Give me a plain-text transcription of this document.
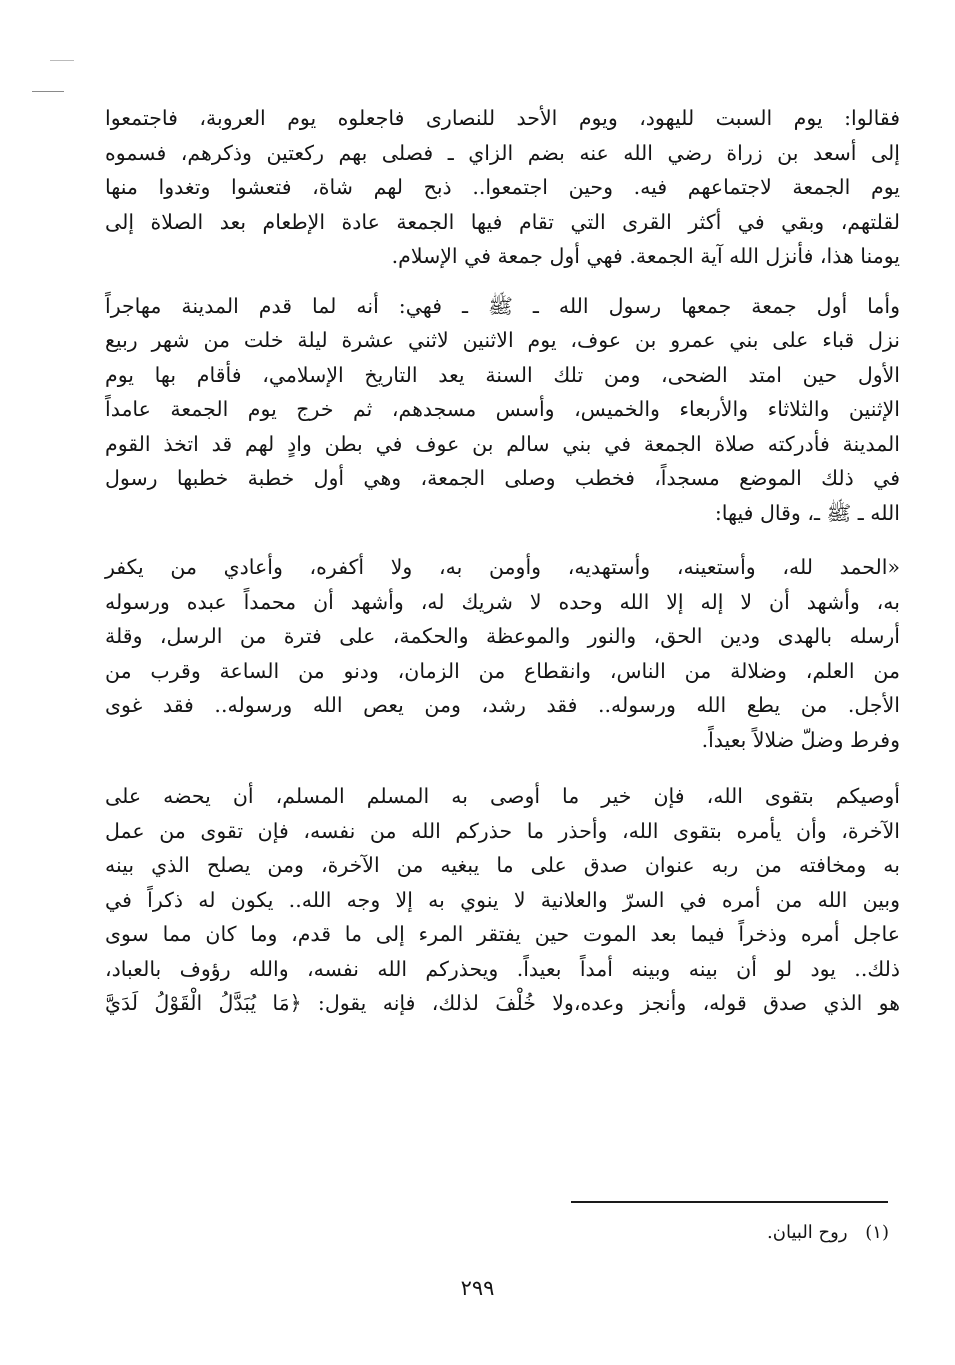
فقالوا: يوم السبت لليهود، ويوم الأحد للنصارى فاجعلوه يوم العروبة، فاجتمعوا
إلى أسعد بن زراة رضي الله عنه بضم الزاي ـ فصلى بهم ركعتين وذكرهم، فسموه
يوم الجمعة لاجتماعهم فيه. وحين اجتمعوا.. ذبح لهم شاة، فتعشوا وتغدوا منها
لقلتهم، وبقي في أكثر القرى التي تقام فيها الجمعة عادة الإطعام بعد الصلاة إلى
يومنا هذا، فأنزل الله آية الجمعة. فهي أول جمعة في الإسلام.

وأما أول جمعة جمعها رسول الله ـ ﷺ ـ فهي: أنه لما قدم المدينة مهاجراً
نزل قباء على بني عمرو بن عوف، يوم الاثنين لاثني عشرة ليلة خلت من شهر ربيع
الأول حين امتد الضحى، ومن تلك السنة يعد التاريخ الإسلامي، فأقام بها يوم
الإثنين والثلاثاء والأربعاء والخميس، وأسس مسجدهم، ثم خرج يوم الجمعة عامداً
المدينة فأدركته صلاة الجمعة في بني سالم بن عوف في بطن وادٍ لهم قد اتخذ القوم
في ذلك الموضع مسجداً، فخطب وصلى الجمعة، وهي أول خطبة خطبها رسول
الله ـ ﷺ ـ، وقال فيها:

«الحمد لله، وأستعينه، وأستهديه، وأومن به، ولا أكفره، وأعادي من يكفر
به، وأشهد أن لا إله إلا الله وحده لا شريك له، وأشهد أن محمداً عبده ورسوله
أرسله بالهدى ودين الحق، والنور والموعظة والحكمة، على فترة من الرسل، وقلة
من العلم، وضلالة من الناس، وانقطاع من الزمان، ودنو من الساعة وقرب من
الأجل. من يطع الله ورسوله.. فقد رشد، ومن يعص الله ورسوله.. فقد غوى
وفرط وضلّ ضلالاً بعيداً.

أوصيكم بتقوى الله، فإن خير ما أوصى به المسلم المسلم، أن يحضه على
الآخرة، وأن يأمره بتقوى الله، وأحذر ما حذركم الله من نفسه، فإن تقوى من عمل
به ومخافته من ربه عنوان صدق على ما يبغيه من الآخرة، ومن يصلح الذي بينه
وبين الله من أمره في السرّ والعلانية لا ينوي به إلا وجه الله.. يكون له ذكراً في
عاجل أمره وذخراً فيما بعد الموت حين يفتقر المرء إلى ما قدم، وما كان مما سوى
ذلك.. يود لو أن بينه وبينه أمداً بعيداً. ويحذركم الله نفسه، والله رؤوف بالعباد،
هو الذي صدق قوله، وأنجز وعده،ولا خُلْفَ لذلك، فإنه يقول: ﴿مَا يُبَدَّلُ الْقَوْلُ لَدَيَّ

(١) روح البيان.
٢٩٩
